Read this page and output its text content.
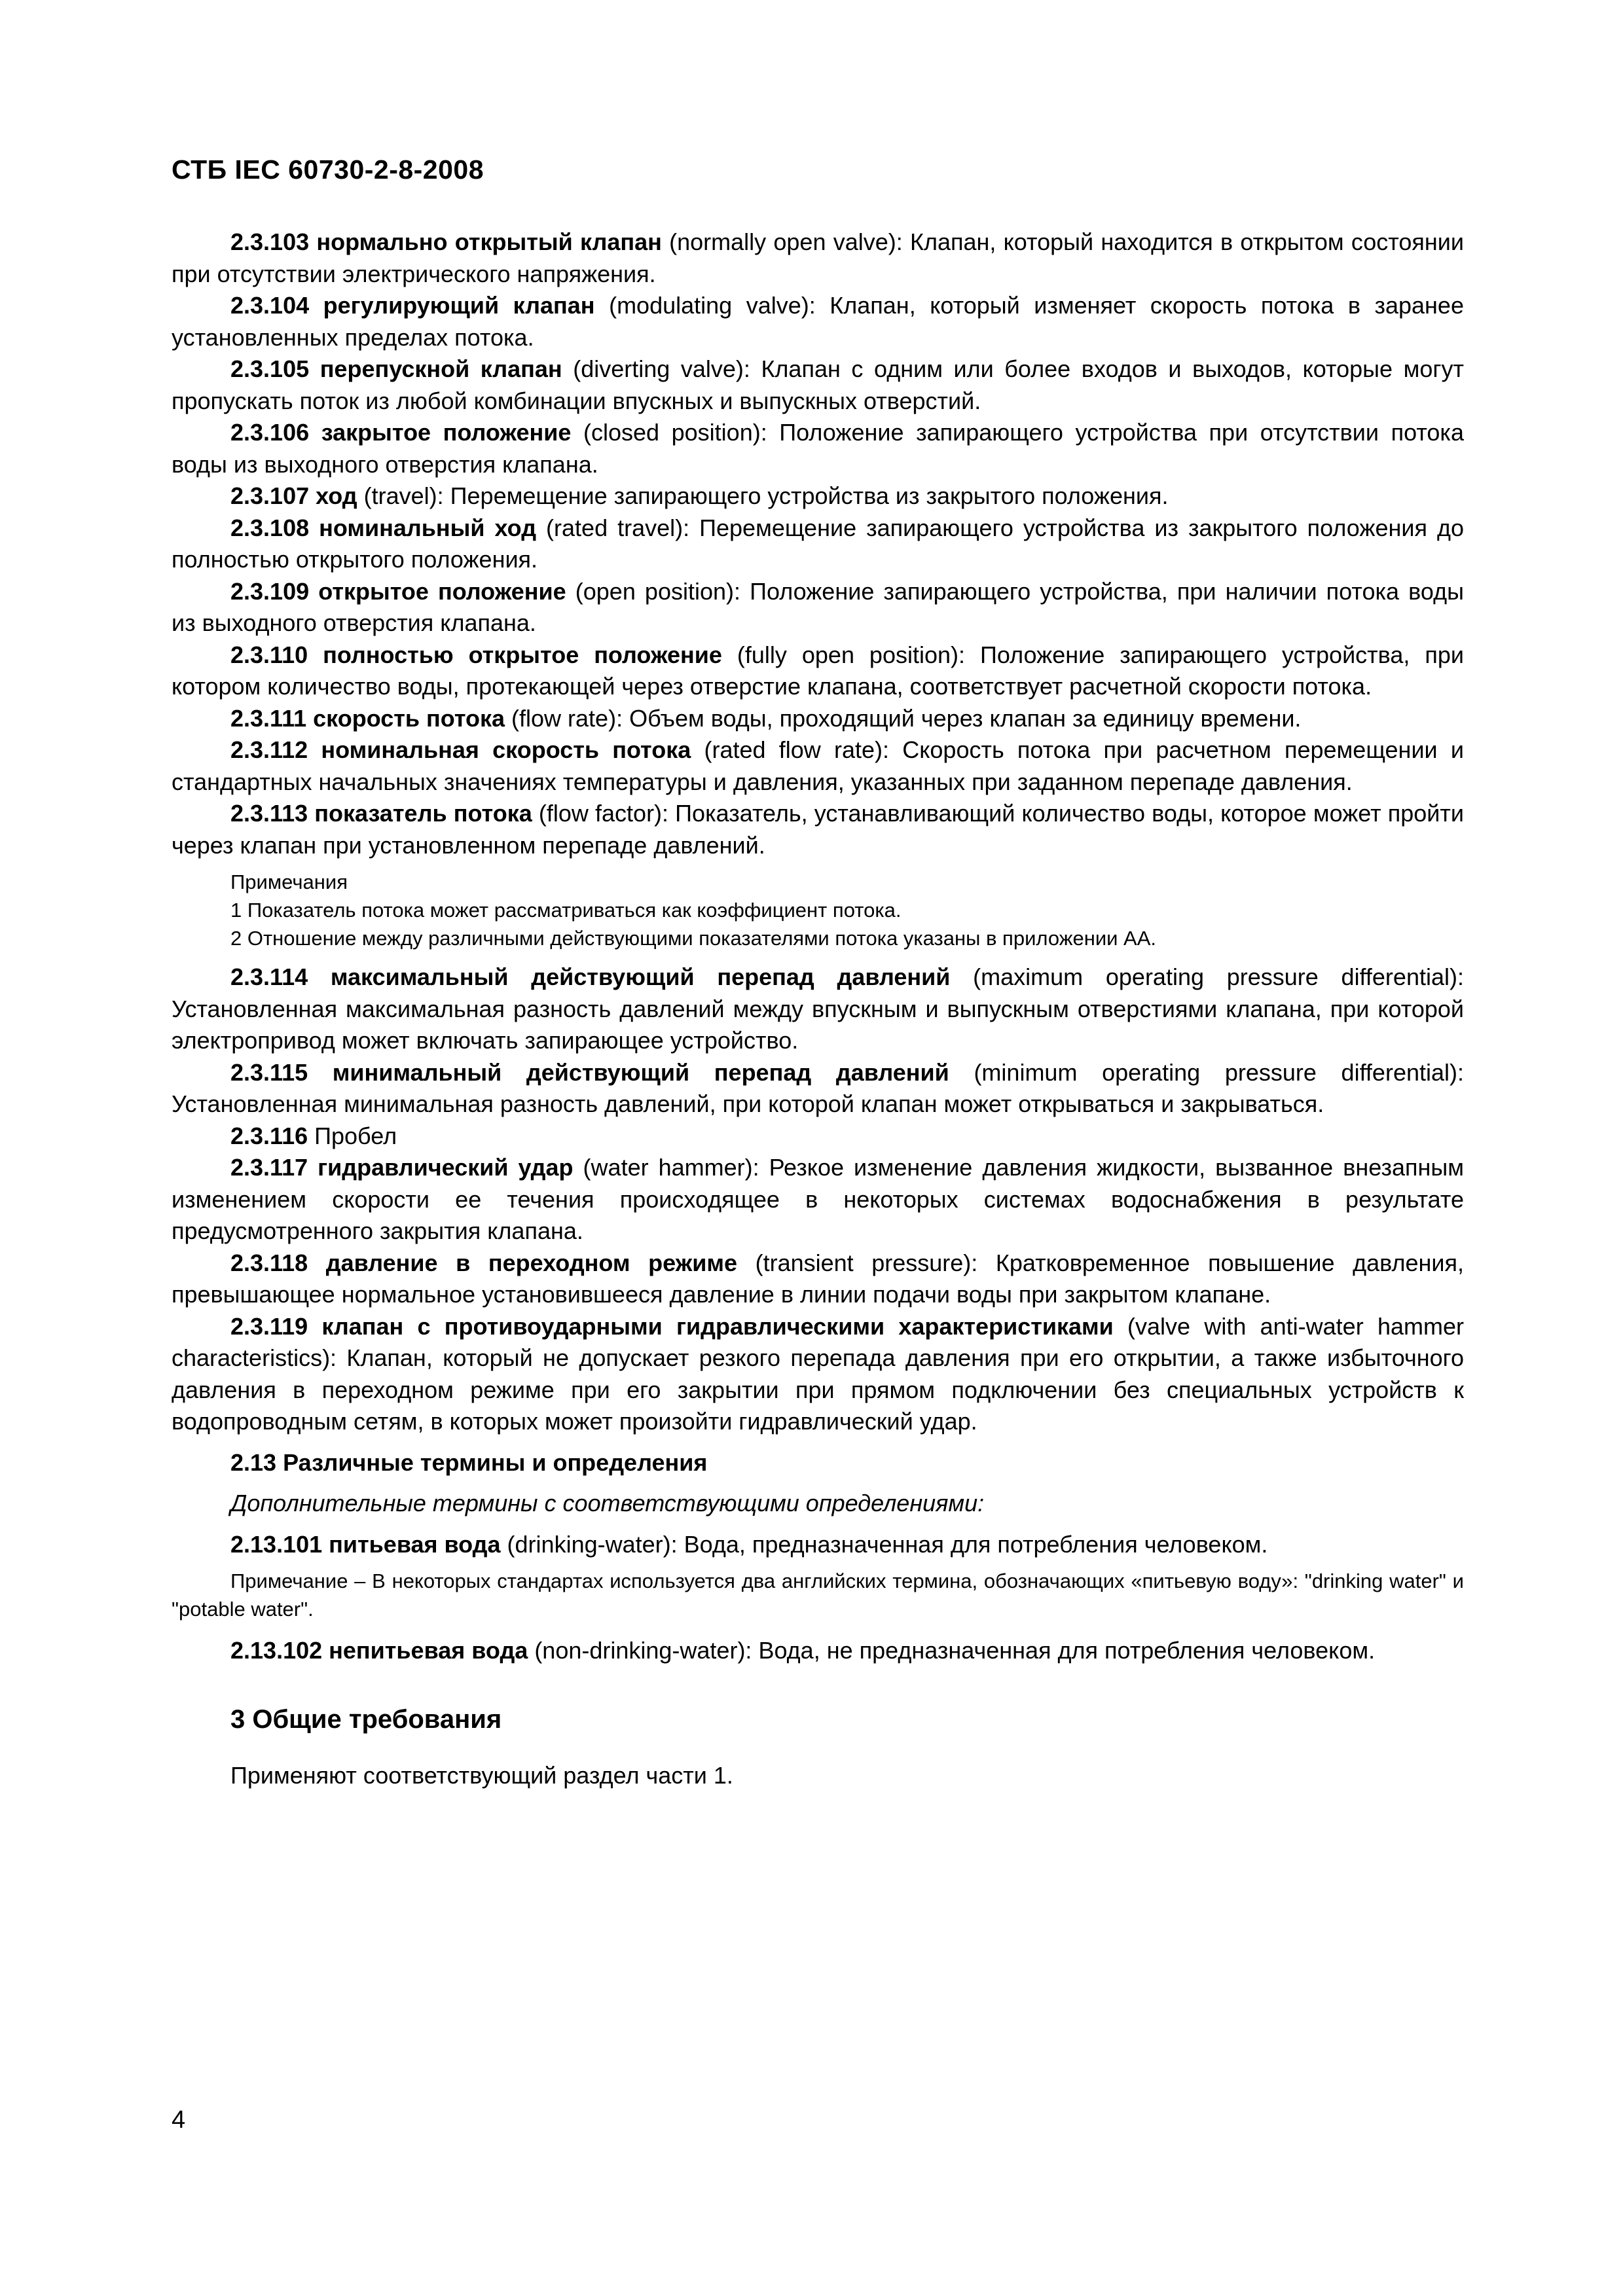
СТБ IEC 60730-2-8-2008

2.3.103 нормально открытый клапан (normally open valve): Клапан, который находится в открытом состоянии при отсутствии электрического напряжения.

2.3.104 регулирующий клапан (modulating valve): Клапан, который изменяет скорость потока в заранее установленных пределах потока.

2.3.105 перепускной клапан (diverting valve): Клапан с одним или более входов и выходов, которые могут пропускать поток из любой комбинации впускных и выпускных отверстий.

2.3.106 закрытое положение (closed position): Положение запирающего устройства при отсутствии потока воды из выходного отверстия клапана.

2.3.107 ход (travel): Перемещение запирающего устройства из закрытого положения.

2.3.108 номинальный ход (rated travel): Перемещение запирающего устройства из закрытого положения до полностью открытого положения.

2.3.109 открытое положение (open position): Положение запирающего устройства, при наличии потока воды из выходного отверстия клапана.

2.3.110 полностью открытое положение (fully open position): Положение запирающего устройства, при котором количество воды, протекающей через отверстие клапана, соответствует расчетной скорости потока.

2.3.111 скорость потока (flow rate): Объем воды, проходящий через клапан за единицу времени.

2.3.112 номинальная скорость потока (rated flow rate): Скорость потока при расчетном перемещении и стандартных начальных значениях температуры и давления, указанных при заданном перепаде давления.

2.3.113 показатель потока (flow factor): Показатель, устанавливающий количество воды, которое может пройти через клапан при установленном перепаде давлений.

Примечания

1 Показатель потока может рассматриваться как коэффициент потока.

2 Отношение между различными действующими показателями потока указаны в приложении АА.

2.3.114 максимальный действующий перепад давлений (maximum operating pressure differential): Установленная максимальная разность давлений между впускным и выпускным отверстиями клапана, при которой электропривод может включать запирающее устройство.

2.3.115 минимальный действующий перепад давлений (minimum operating pressure differential): Установленная минимальная разность давлений, при которой клапан может открываться и закрываться.

2.3.116 Пробел

2.3.117 гидравлический удар (water hammer): Резкое изменение давления жидкости, вызванное внезапным изменением скорости ее течения происходящее в некоторых системах водоснабжения в результате предусмотренного закрытия клапана.

2.3.118 давление в переходном режиме (transient pressure): Кратковременное повышение давления, превышающее нормальное установившееся давление в линии подачи воды при закрытом клапане.

2.3.119 клапан с противоударными гидравлическими характеристиками (valve with anti-water hammer characteristics): Клапан, который не допускает резкого перепада давления при его открытии, а также избыточного давления в переходном режиме при его закрытии при прямом подключении без специальных устройств к водопроводным сетям, в которых может произойти гидравлический удар.

2.13 Различные термины и определения

Дополнительные термины с соответствующими определениями:

2.13.101 питьевая вода (drinking-water): Вода, предназначенная для потребления человеком.

Примечание – В некоторых стандартах используется два английских термина, обозначающих «питьевую воду»: "drinking water" и "potable water".

2.13.102 непитьевая вода (non-drinking-water): Вода, не предназначенная для потребления человеком.

3 Общие требования

Применяют соответствующий раздел части 1.

4
